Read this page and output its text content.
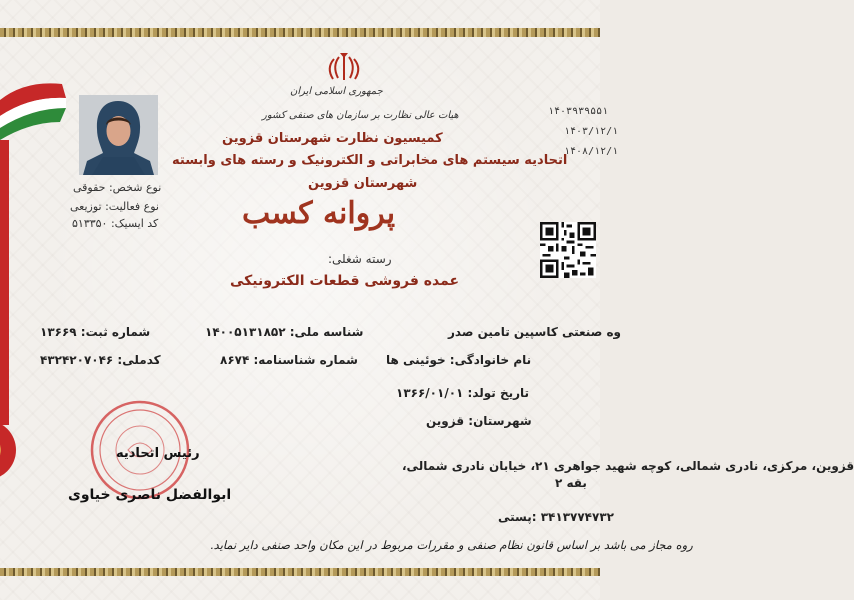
جمهوری اسلامی ایران
هیات عالی نظارت بر سازمان های صنفی کشور
کمیسیون نظارت شهرستان قزوین
اتحادیه سیستم های مخابراتی و الکترونیک و رسته های وابسته
شهرستان قزوین
پروانه کسب
رسته شغلی:
عمده فروشی قطعات الکترونیکی
نوع شخص: حقوقی
نوع فعالیت: توزیعی
کد ایسیک: ۵۱۳۳۵۰
۱۴۰۳۹۳۹۵۵۱
۱۴۰۳/۱۲/۱
۱۴۰۸/۱۲/۱
شماره ثبت: ۱۳۶۶۹	شناسه ملی: ۱۴۰۰۵۱۳۱۸۵۲	وه صنعتی کاسپین تامین صدر
کدملی: ۴۳۲۴۲۰۷۰۴۶	شماره شناسنامه: ۸۶۷۴ نام خانوادگی: خوئینی ها
تاریخ تولد: ۱۳۶۶/۰۱/۰۱
شهرستان: قزوین
قزوین، مرکزی، نادری شمالی، کوچه شهید جواهری ۲۱، خیابان نادری شمالی،
بقه ۲
۳۴۱۳۷۷۴۷۳۲ :پستی
روه مجاز می باشد بر اساس قانون نظام صنفی و مقررات مربوط در این مکان واحد صنفی دایر نماید.
رئیس اتحادیه
ابوالفضل ناصری خیاوی
